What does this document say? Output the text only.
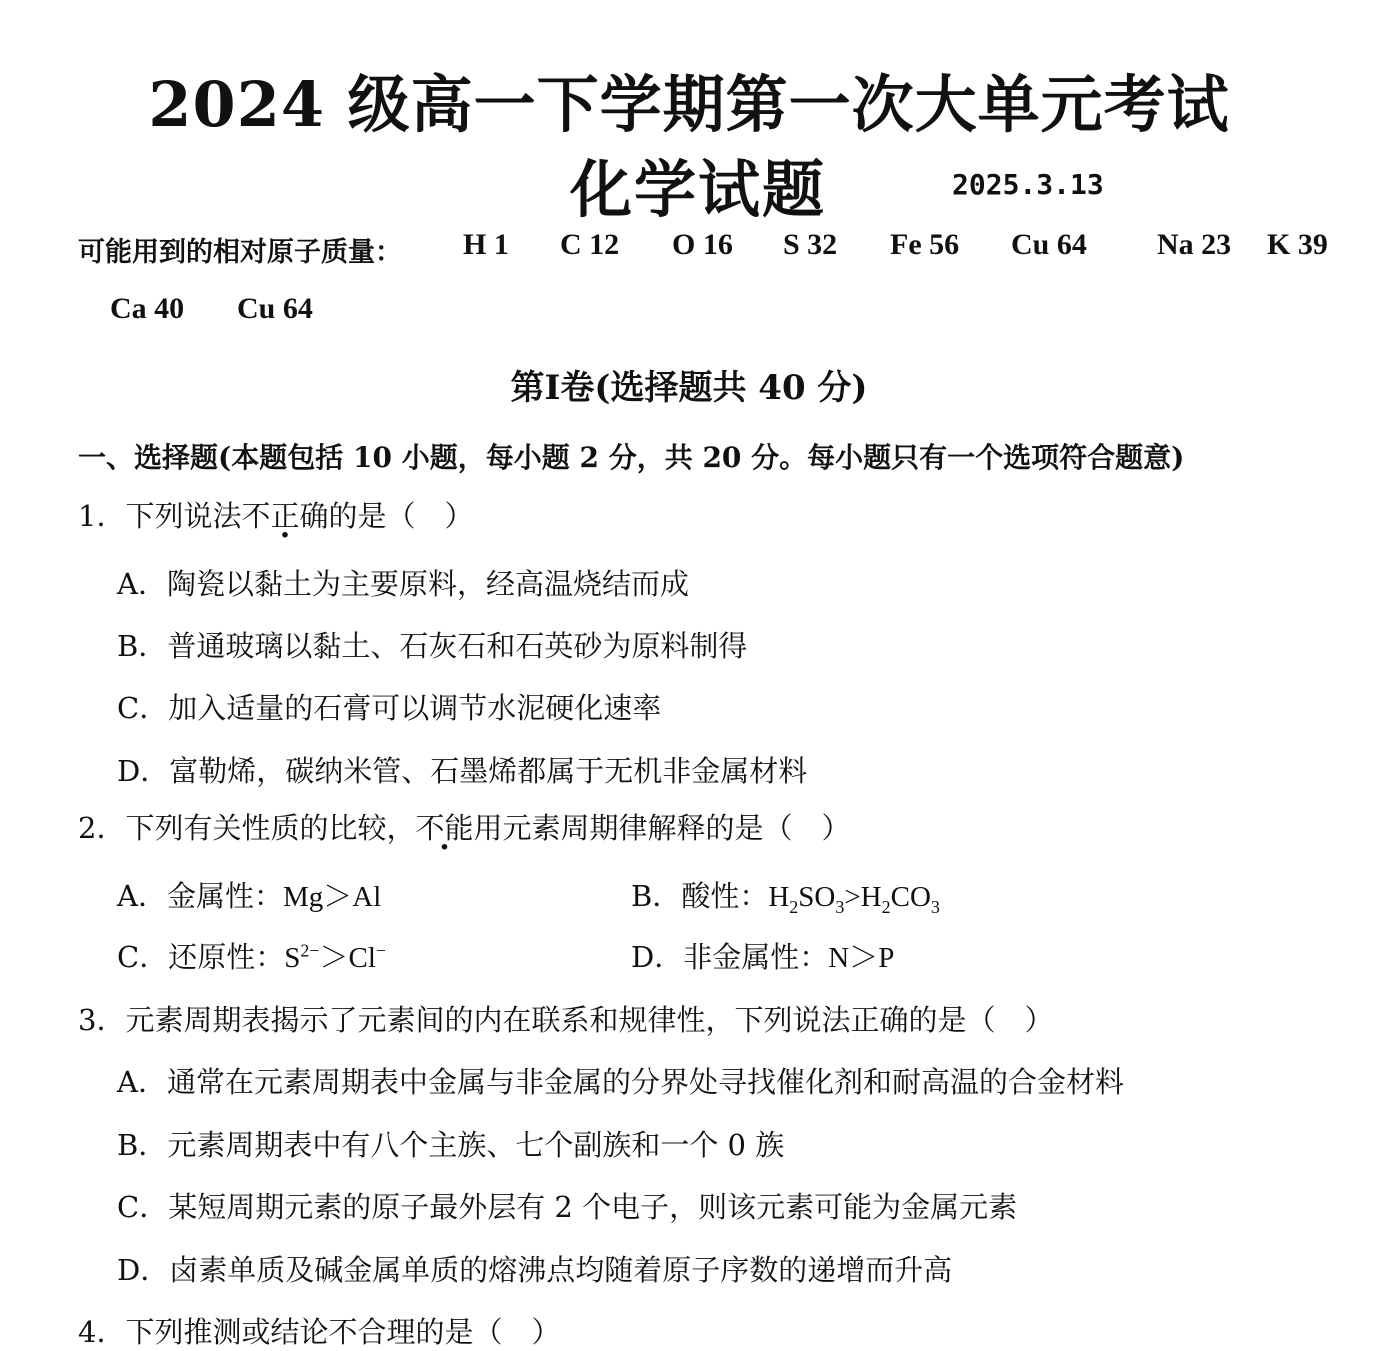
2024 级高一下学期第一次大单元考试
化学试题	2025.3.13
可能用到的相对原子质量： H 1 C 12 O 16 S 32 Fe 56 Cu 64 Na 23 K 39
Ca 40 Cu 64
第Ⅰ卷(选择题共 40 分)
一、选择题(本题包括 10 小题，每小题 2 分，共 20 分。每小题只有一个选项符合题意)
1．下列说法不正确的是（　）
A．陶瓷以黏土为主要原料，经高温烧结而成
B．普通玻璃以黏土、石灰石和石英砂为原料制得
C．加入适量的石膏可以调节水泥硬化速率
D．富勒烯，碳纳米管、石墨烯都属于无机非金属材料
2．下列有关性质的比较，不能用元素周期律解释的是（　）
A．金属性：Mg＞Al	B．酸性：$H_2SO_3>H_2CO_3$
C．还原性：$S^{2-}>Cl^-$	D．非金属性：N＞P
3．元素周期表揭示了元素间的内在联系和规律性，下列说法正确的是（　）
A．通常在元素周期表中金属与非金属的分界处寻找催化剂和耐高温的合金材料
B．元素周期表中有八个主族、七个副族和一个 0 族
C．某短周期元素的原子最外层有 2 个电子，则该元素可能为金属元素
D．卤素单质及碱金属单质的熔沸点均随着原子序数的递增而升高
4．下列推测或结论不合理的是（　）
